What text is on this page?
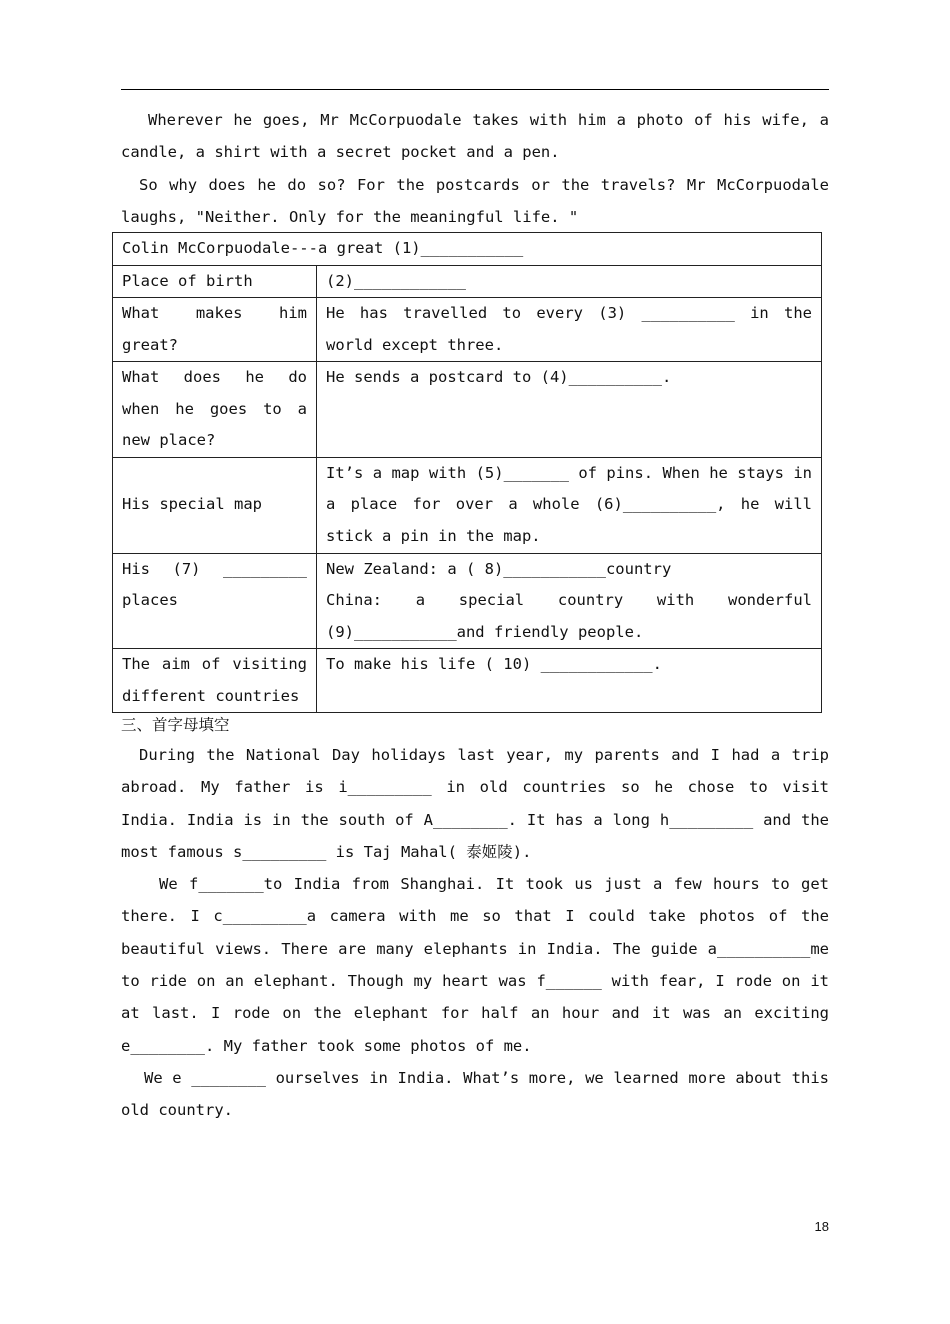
Wherever he goes, Mr McCorpuodale takes with him a photo of his wife, a candle, a shirt with a secret pocket and a pen.

So why does he do so? For the postcards or the travels? Mr McCorpuodale laughs, "Neither. Only for the meaningful life. "

Colin McCorpuodale---a great (1)___________	
Place of birth	(2)____________
What makes him great?	He has travelled to every (3) __________ in the world except three.
What does he do when he goes to a new place?	He sends a postcard to (4)__________.
His special map	It’s a map with (5)_______ of pins. When he stays in a place for over a whole (6)__________, he will stick a pin in the map.
His (7) _________ places	New Zealand: a ( 8)___________country
China: a special country with wonderful (9)___________and friendly people.

The aim of visiting different countries	To make his life ( 10) ____________.
三、首字母填空

During the National Day holidays last year, my parents and I had a trip abroad. My father is i_________ in old countries so he chose to visit India. India is in the south of A________. It has a long h_________ and the most famous s_________ is Taj Mahal( 泰姬陵).

We f_______to India from Shanghai. It took us just a few hours to get there. I c_________a camera with me so that I could take photos of the beautiful views. There are many elephants in India. The guide a__________me to ride on an elephant. Though my heart was f______ with fear, I rode on it at last. I rode on the elephant for half an hour and it was an exciting e________. My father took some photos of me.

We e ________ ourselves in India. What’s more, we learned more about this old country.

18
